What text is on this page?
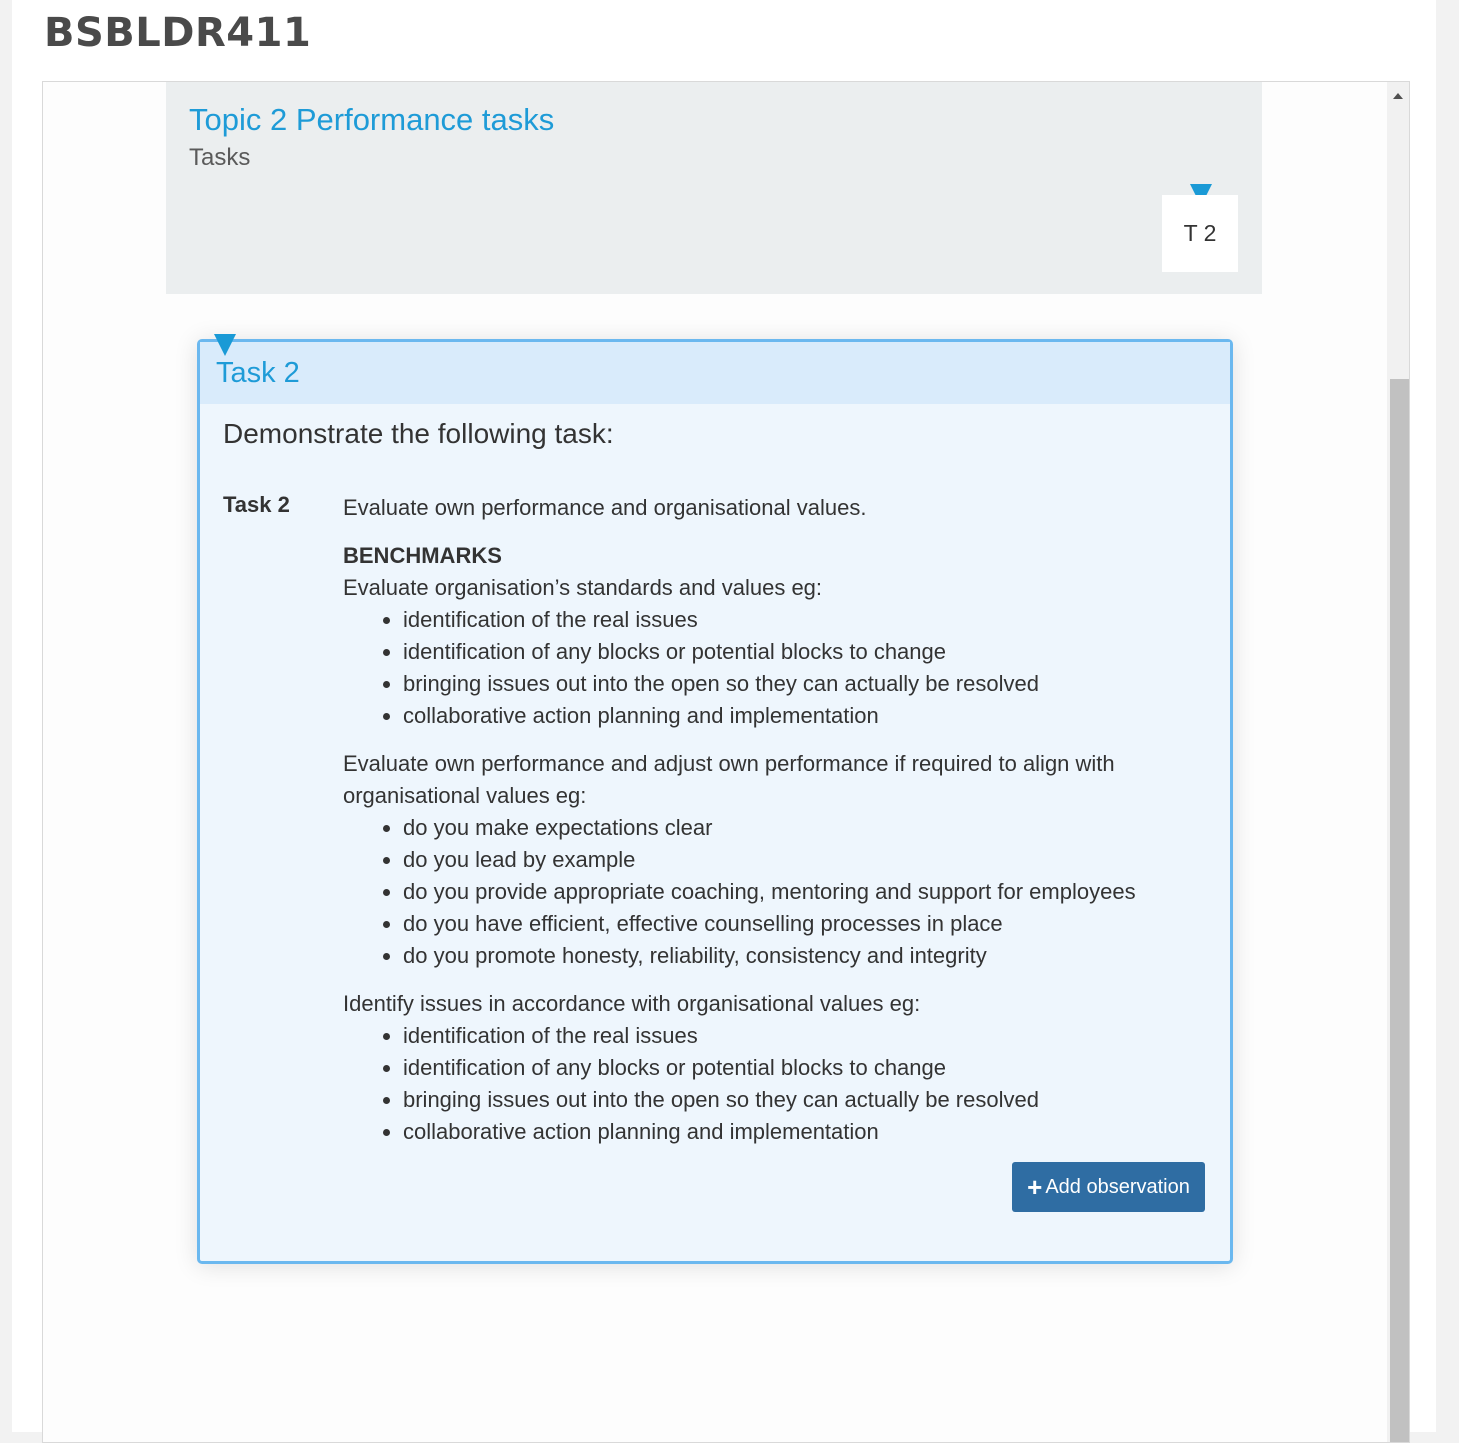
BSBLDR411
Topic 2 Performance tasks
Tasks
T 2
Task 2
Demonstrate the following task:
Task 2 Evaluate own performance and organisational values.

BENCHMARKS

Evaluate organisation’s standards and values eg:

• identification of the real issues
• identification of any blocks or potential blocks to change
• bringing issues out into the open so they can actually be resolved
• collaborative action planning and implementation

Evaluate own performance and adjust own performance if required to align with organisational values eg:

• do you make expectations clear
• do you lead by example
• do you provide appropriate coaching, mentoring and support for employees
• do you have efficient, effective counselling processes in place
• do you promote honesty, reliability, consistency and integrity

Identify issues in accordance with organisational values eg:

• identification of the real issues
• identification of any blocks or potential blocks to change
• bringing issues out into the open so they can actually be resolved
• collaborative action planning and implementation
+ Add observation
